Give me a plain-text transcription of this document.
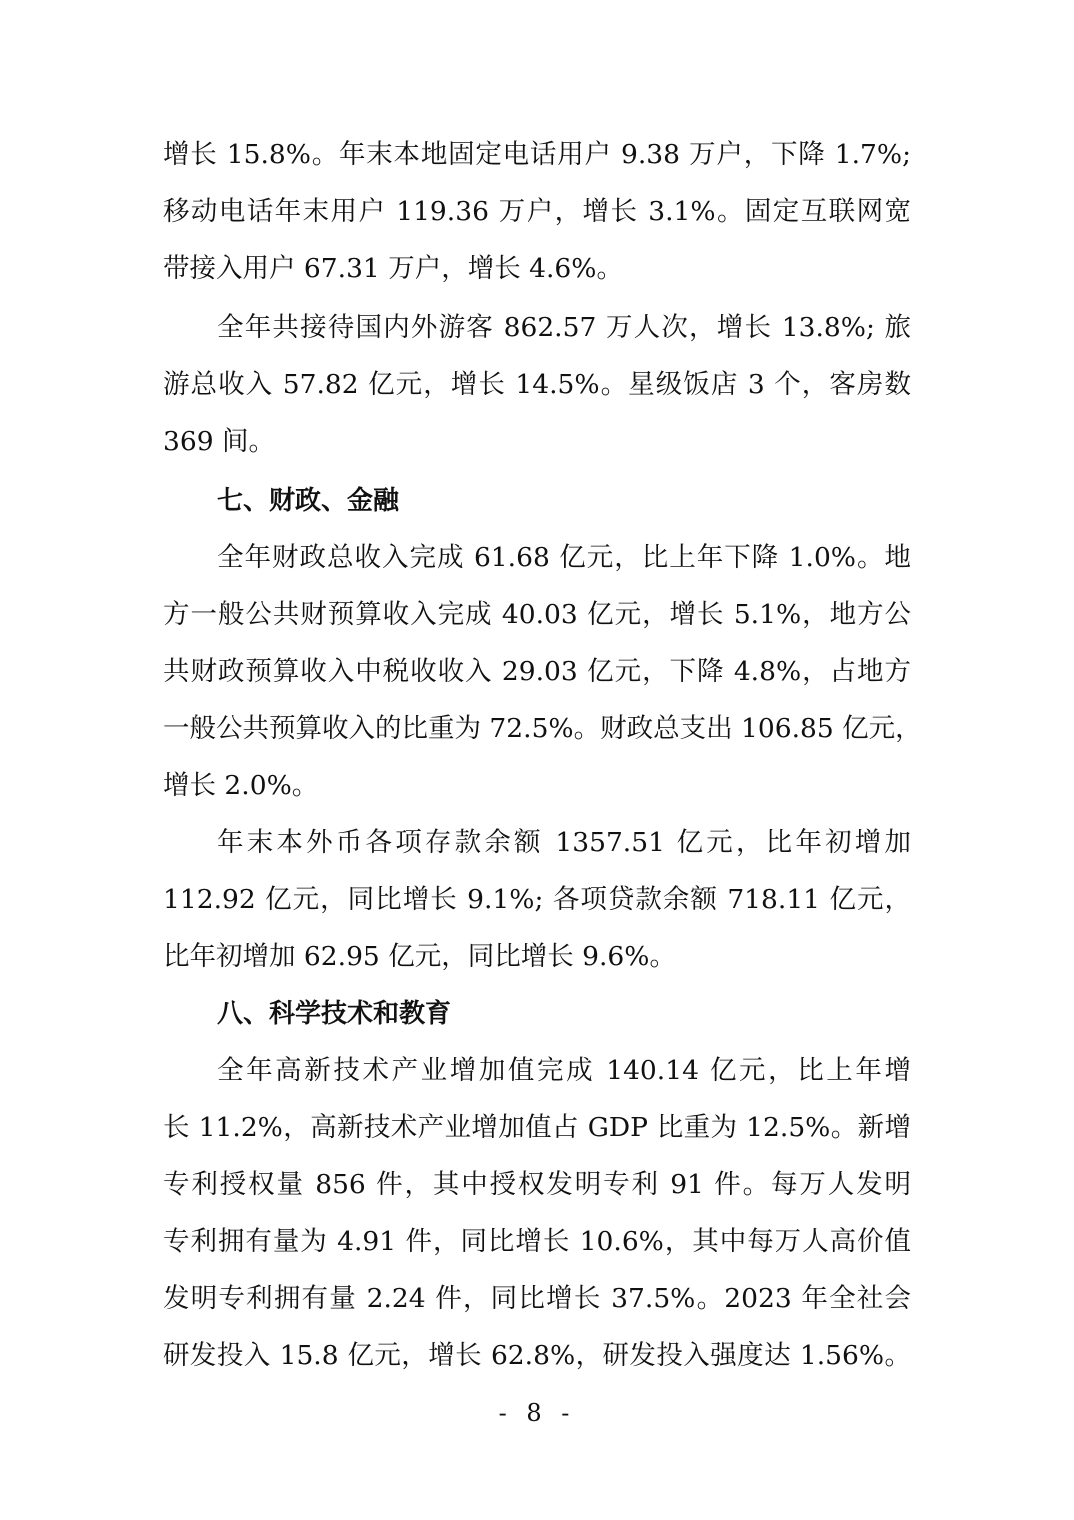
增长 15.8%。年末本地固定电话用户 9.38 万户，下降 1.7%;
移动电话年末用户 119.36 万户，增长 3.1%。固定互联网宽
带接入用户 67.31 万户，增长 4.6%。
全年共接待国内外游客 862.57 万人次，增长 13.8%; 旅
游总收入 57.82 亿元，增长 14.5%。星级饭店 3 个，客房数
369 间。
七、财政、金融
全年财政总收入完成 61.68 亿元，比上年下降 1.0%。地
方一般公共财预算收入完成 40.03 亿元，增长 5.1%，地方公
共财政预算收入中税收收入 29.03 亿元，下降 4.8%，占地方
一般公共预算收入的比重为 72.5%。财政总支出 106.85 亿元，
增长 2.0%。
年末本外币各项存款余额 1357.51 亿元，比年初增加
112.92 亿元，同比增长 9.1%; 各项贷款余额 718.11 亿元，
比年初增加 62.95 亿元，同比增长 9.6%。
八、科学技术和教育
全年高新技术产业增加值完成 140.14 亿元，比上年增
长 11.2%，高新技术产业增加值占 GDP 比重为 12.5%。新增
专利授权量 856 件，其中授权发明专利 91 件。每万人发明
专利拥有量为 4.91 件，同比增长 10.6%，其中每万人高价值
发明专利拥有量 2.24 件，同比增长 37.5%。2023 年全社会
研发投入 15.8 亿元，增长 62.8%，研发投入强度达 1.56%。
- 8 -
